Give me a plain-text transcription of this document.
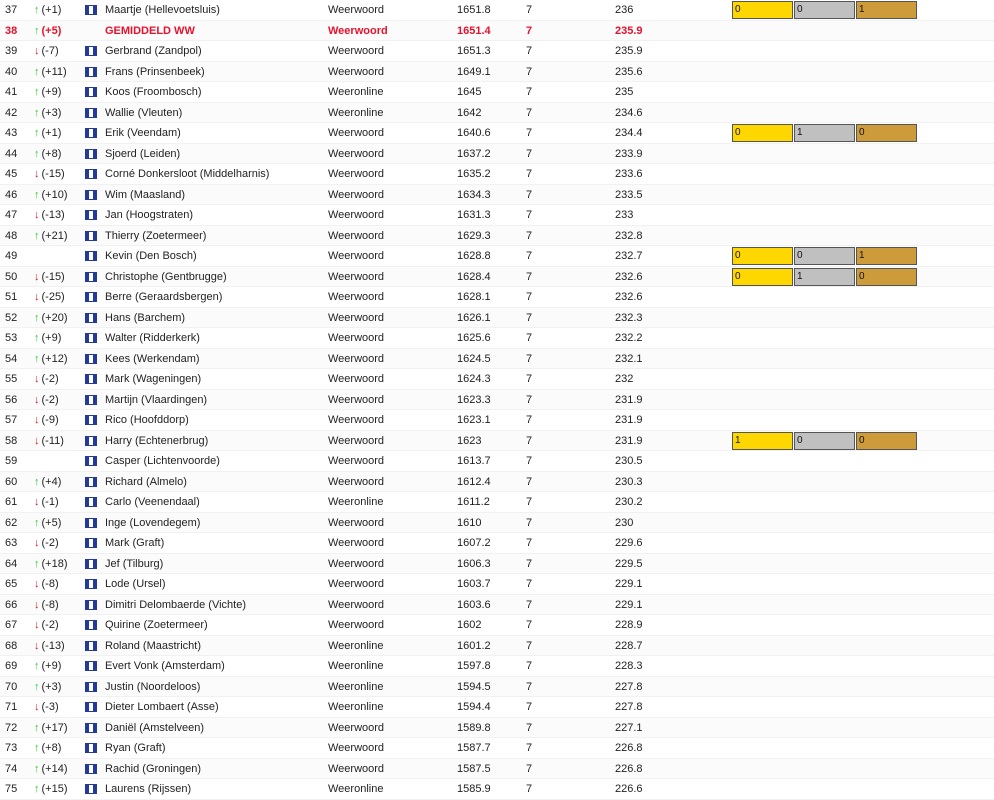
37 ↑ (+1)	Maartje (Hellevoetsluis)	Weerwoord	1651.8	7	236	0	0	1
38 ↑ (+5)	GEMIDDELD WW	Weerwoord	1651.4	7	235.9
39 ↓ (-7)	Gerbrand (Zandpol)	Weerwoord	1651.3	7	235.9
40 ↑ (+11)	Frans (Prinsenbeek)	Weerwoord	1649.1	7	235.6
41 ↑ (+9)	Koos (Froombosch)	Weeronline	1645	7	235
42 ↑ (+3)	Wallie (Vleuten)	Weeronline	1642	7	234.6
43 ↑ (+1)	Erik (Veendam)	Weerwoord	1640.6	7	234.4	0	1	0
44 ↑ (+8)	Sjoerd (Leiden)	Weerwoord	1637.2	7	233.9
45 ↓ (-15)	Corné Donkersloot (Middelharnis)	Weerwoord	1635.2	7	233.6
46 ↑ (+10)	Wim (Maasland)	Weerwoord	1634.3	7	233.5
47 ↓ (-13)	Jan (Hoogstraten)	Weerwoord	1631.3	7	233
48 ↑ (+21)	Thierry (Zoetermeer)	Weerwoord	1629.3	7	232.8
49	Kevin (Den Bosch)	Weerwoord	1628.8	7	232.7	0	0	1
50 ↓ (-15)	Christophe (Gentbrugge)	Weerwoord	1628.4	7	232.6	0	1	0
51 ↓ (-25)	Berre (Geraardsbergen)	Weerwoord	1628.1	7	232.6
52 ↑ (+20)	Hans (Barchem)	Weerwoord	1626.1	7	232.3
53 ↑ (+9)	Walter (Ridderkerk)	Weerwoord	1625.6	7	232.2
54 ↑ (+12)	Kees (Werkendam)	Weerwoord	1624.5	7	232.1
55 ↓ (-2)	Mark (Wageningen)	Weerwoord	1624.3	7	232
56 ↓ (-2)	Martijn (Vlaardingen)	Weerwoord	1623.3	7	231.9
57 ↓ (-9)	Rico (Hoofddorp)	Weerwoord	1623.1	7	231.9
58 ↓ (-11)	Harry (Echtenerbrug)	Weerwoord	1623	7	231.9	1	0	0
59	Casper (Lichtenvoorde)	Weerwoord	1613.7	7	230.5
60 ↑ (+4)	Richard (Almelo)	Weerwoord	1612.4	7	230.3
61 ↓ (-1)	Carlo (Veenendaal)	Weeronline	1611.2	7	230.2
62 ↑ (+5)	Inge (Lovendegem)	Weerwoord	1610	7	230
63 ↓ (-2)	Mark (Graft)	Weerwoord	1607.2	7	229.6
64 ↑ (+18)	Jef (Tilburg)	Weerwoord	1606.3	7	229.5
65 ↓ (-8)	Lode (Ursel)	Weerwoord	1603.7	7	229.1
66 ↓ (-8)	Dimitri Delombaerde (Vichte)	Weerwoord	1603.6	7	229.1
67 ↓ (-2)	Quirine (Zoetermeer)	Weerwoord	1602	7	228.9
68 ↓ (-13)	Roland (Maastricht)	Weeronline	1601.2	7	228.7
69 ↑ (+9)	Evert Vonk (Amsterdam)	Weeronline	1597.8	7	228.3
70 ↑ (+3)	Justin (Noordeloos)	Weeronline	1594.5	7	227.8
71 ↓ (-3)	Dieter Lombaert (Asse)	Weeronline	1594.4	7	227.8
72 ↑ (+17)	Daniël (Amstelveen)	Weerwoord	1589.8	7	227.1
73 ↑ (+8)	Ryan (Graft)	Weerwoord	1587.7	7	226.8
74 ↑ (+14)	Rachid (Groningen)	Weerwoord	1587.5	7	226.8
75 ↑ (+15)	Laurens (Rijssen)	Weeronline	1585.9	7	226.6
